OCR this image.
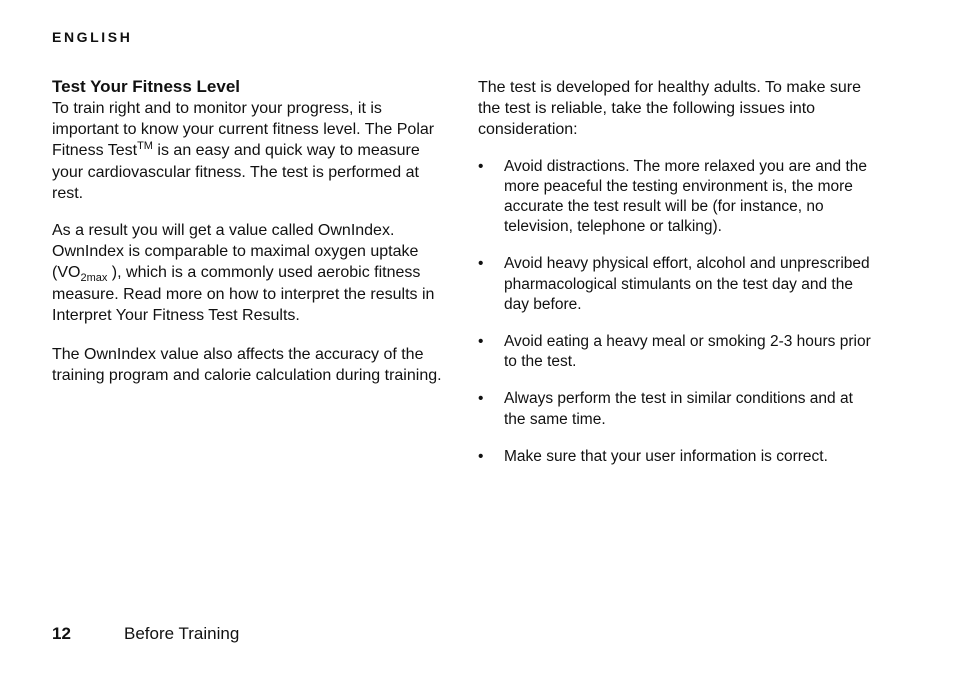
ENGLISH
Test Your Fitness Level

To train right and to monitor your progress, it is important to know your current fitness level. The Polar Fitness Test™ is an easy and quick way to measure your cardiovascular fitness. The test is performed at rest.

As a result you will get a value called OwnIndex. OwnIndex is comparable to maximal oxygen uptake ($VO_{2max}$ ), which is a commonly used aerobic fitness measure. Read more on how to interpret the results in Interpret Your Fitness Test Results.

The OwnIndex value also affects the accuracy of the training program and calorie calculation during training.

The test is developed for healthy adults. To make sure the test is reliable, take the following issues into consideration:

• Avoid distractions. The more relaxed you are and the more peaceful the testing environment is, the more accurate the test result will be (for instance, no television, telephone or talking).
• Avoid heavy physical effort, alcohol and unprescribed pharmacological stimulants on the test day and the day before.
• Avoid eating a heavy meal or smoking 2-3 hours prior to the test.
• Always perform the test in similar conditions and at the same time.
• Make sure that your user information is correct.
12	Before Training
